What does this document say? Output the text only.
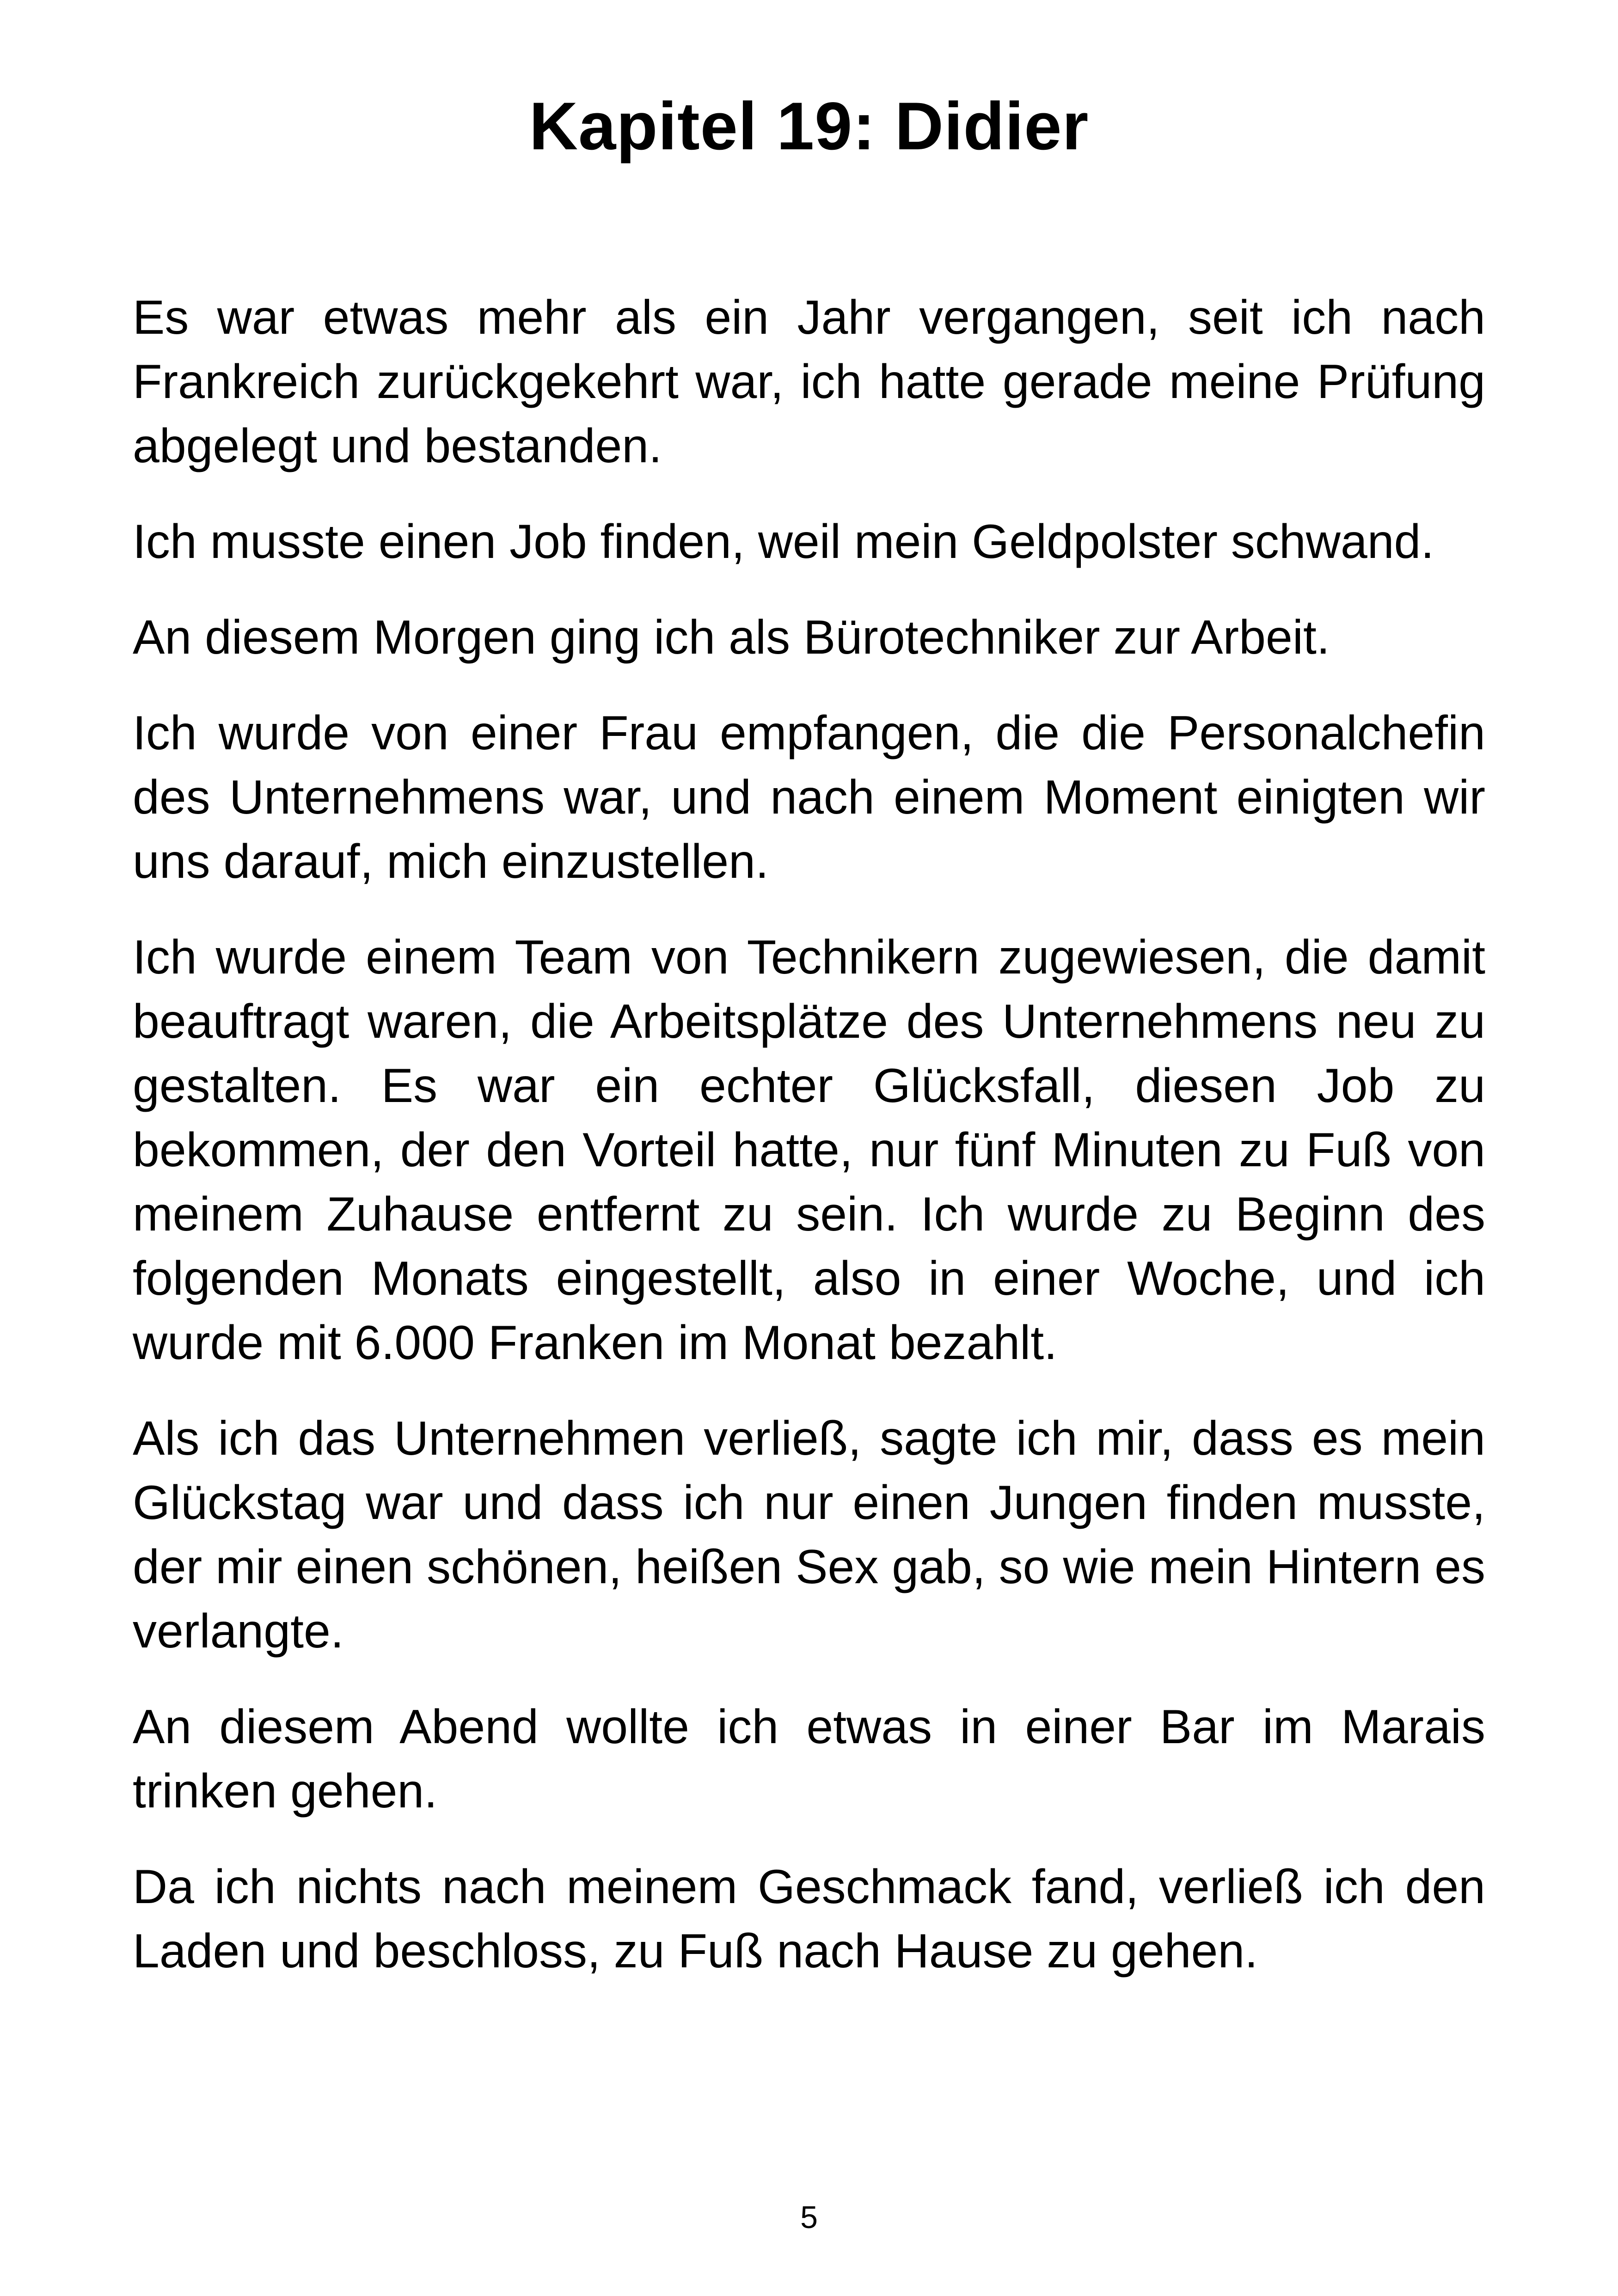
Kapitel 19: Didier

Es war etwas mehr als ein Jahr vergangen, seit ich nach Frankreich zurückgekehrt war, ich hatte gerade meine Prüfung abgelegt und bestanden.

Ich musste einen Job finden, weil mein Geldpolster schwand.

An diesem Morgen ging ich als Bürotechniker zur Arbeit.

Ich wurde von einer Frau empfangen, die die Personalchefin des Unternehmens war, und nach einem Moment einigten wir uns darauf, mich einzustellen.

Ich wurde einem Team von Technikern zugewiesen, die damit beauftragt waren, die Arbeitsplätze des Unternehmens neu zu gestalten. Es war ein echter Glücksfall, diesen Job zu bekommen, der den Vorteil hatte, nur fünf Minuten zu Fuß von meinem Zuhause entfernt zu sein. Ich wurde zu Beginn des folgenden Monats eingestellt, also in einer Woche, und ich wurde mit 6.000 Franken im Monat bezahlt.

Als ich das Unternehmen verließ, sagte ich mir, dass es mein Glückstag war und dass ich nur einen Jungen finden musste, der mir einen schönen, heißen Sex gab, so wie mein Hintern es verlangte.

An diesem Abend wollte ich etwas in einer Bar im Marais trinken gehen.

Da ich nichts nach meinem Geschmack fand, verließ ich den Laden und beschloss, zu Fuß nach Hause zu gehen.

5
